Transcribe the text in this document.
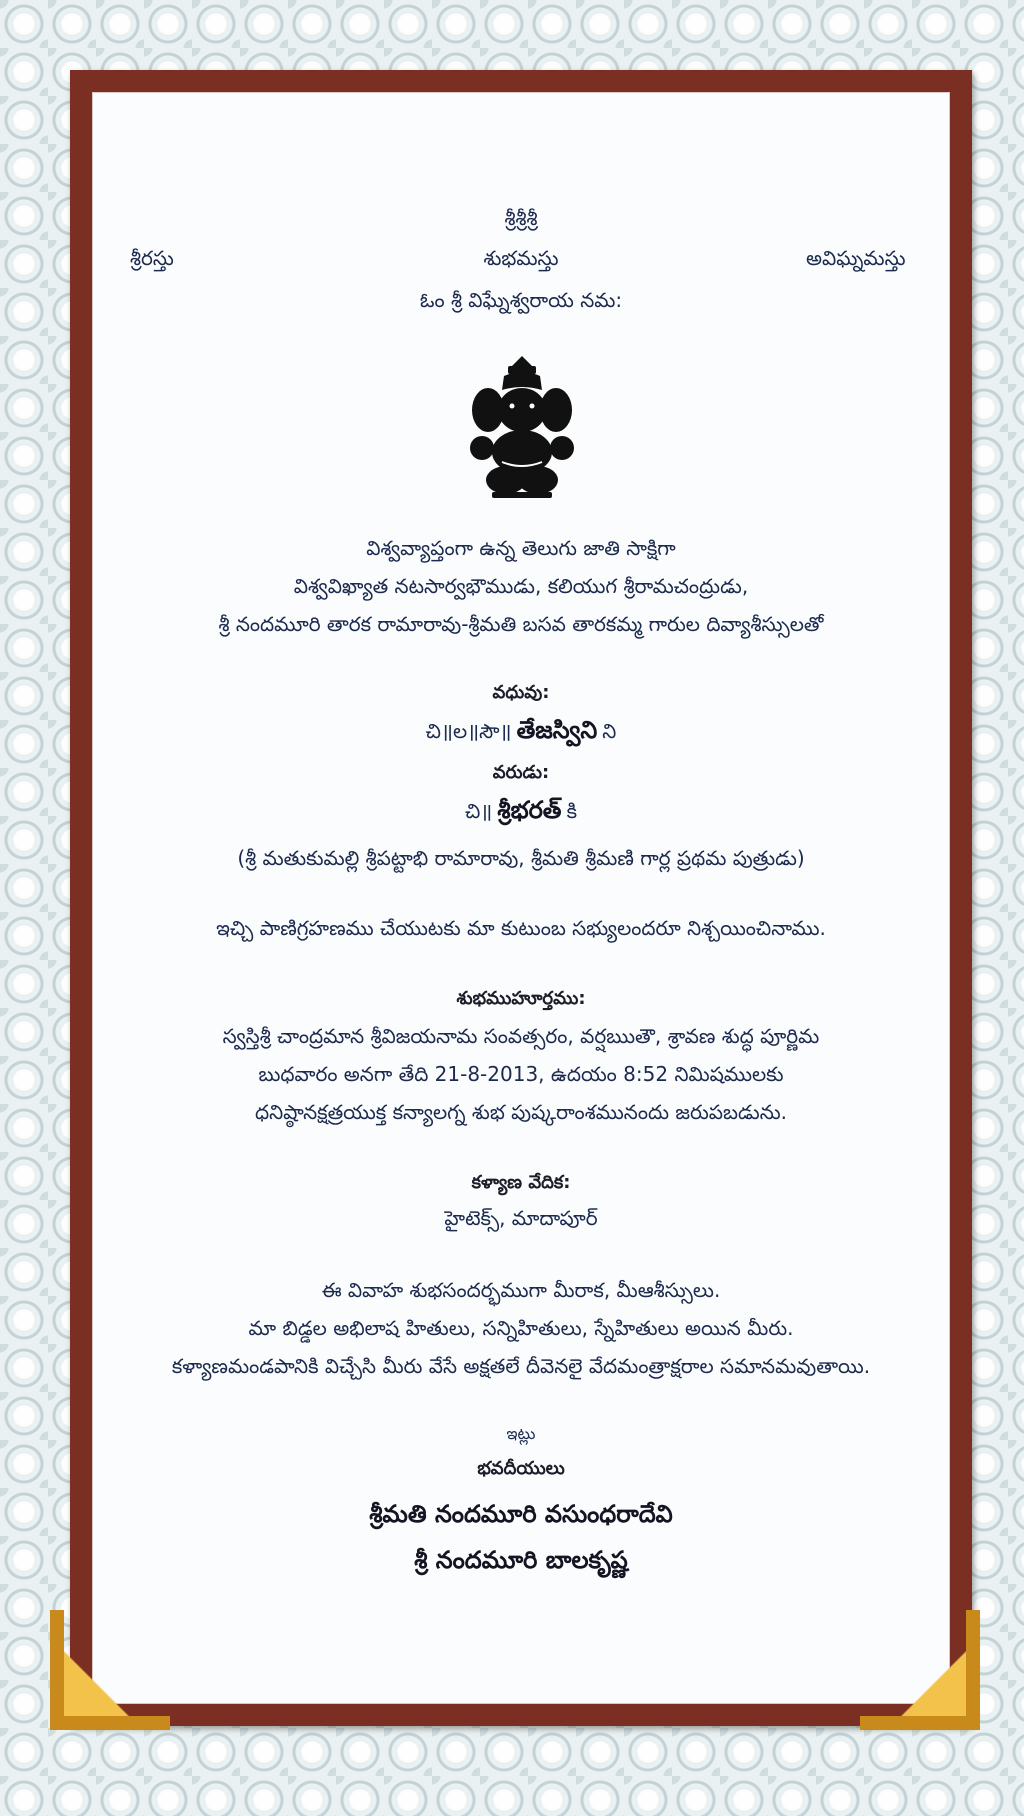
శ్రీశ్రీశ్రీ
శ్రీరస్తు	శుభమస్తు	అవిఘ్నమస్తు
ఓం శ్రీ విఘ్నేశ్వరాయ నమ:
విశ్వవ్యాప్తంగా ఉన్న తెలుగు జాతి సాక్షిగా
విశ్వవిఖ్యాత నటసార్వభౌముడు, కలియుగ శ్రీరామచంద్రుడు,
శ్రీ నందమూరి తారక రామారావు-శ్రీమతి బసవ తారకమ్మ గారుల దివ్యాశీస్సులతో
వధువు:
చి॥ల॥సౌ॥ తేజస్విని ని
వరుడు:
చి॥ శ్రీభరత్ కి
(శ్రీ మతుకుమల్లి శ్రీపట్టాభి రామారావు, శ్రీమతి శ్రీమణి గార్ల ప్రథమ పుత్రుడు)
ఇచ్చి పాణిగ్రహణము చేయుటకు మా కుటుంబ సభ్యులందరూ నిశ్చయించినాము.
శుభముహూర్తము:
స్వస్తిశ్రీ చాంద్రమాన శ్రీవిజయనామ సంవత్సరం, వర్షఋతౌ, శ్రావణ శుద్ధ పూర్ణిమ
బుధవారం అనగా తేది 21-8-2013, ఉదయం 8:52 నిమిషములకు
ధనిష్ఠానక్షత్రయుక్త కన్యాలగ్న శుభ పుష్కరాంశమునందు జరుపబడును.
కళ్యాణ వేదిక:
హైటెక్స్, మాదాపూర్
ఈ వివాహ శుభసందర్భముగా మీరాక, మీఆశీస్సులు.
మా బిడ్డల అభిలాష హితులు, సన్నిహితులు, స్నేహితులు అయిన మీరు.
కళ్యాణమండపానికి విచ్చేసి మీరు వేసే అక్షతలే దీవెనలై వేదమంత్రాక్షరాల సమానమవుతాయి.
ఇట్లు
భవదీయులు
శ్రీమతి నందమూరి వసుంధరాదేవి
శ్రీ నందమూరి బాలకృష్ణ
